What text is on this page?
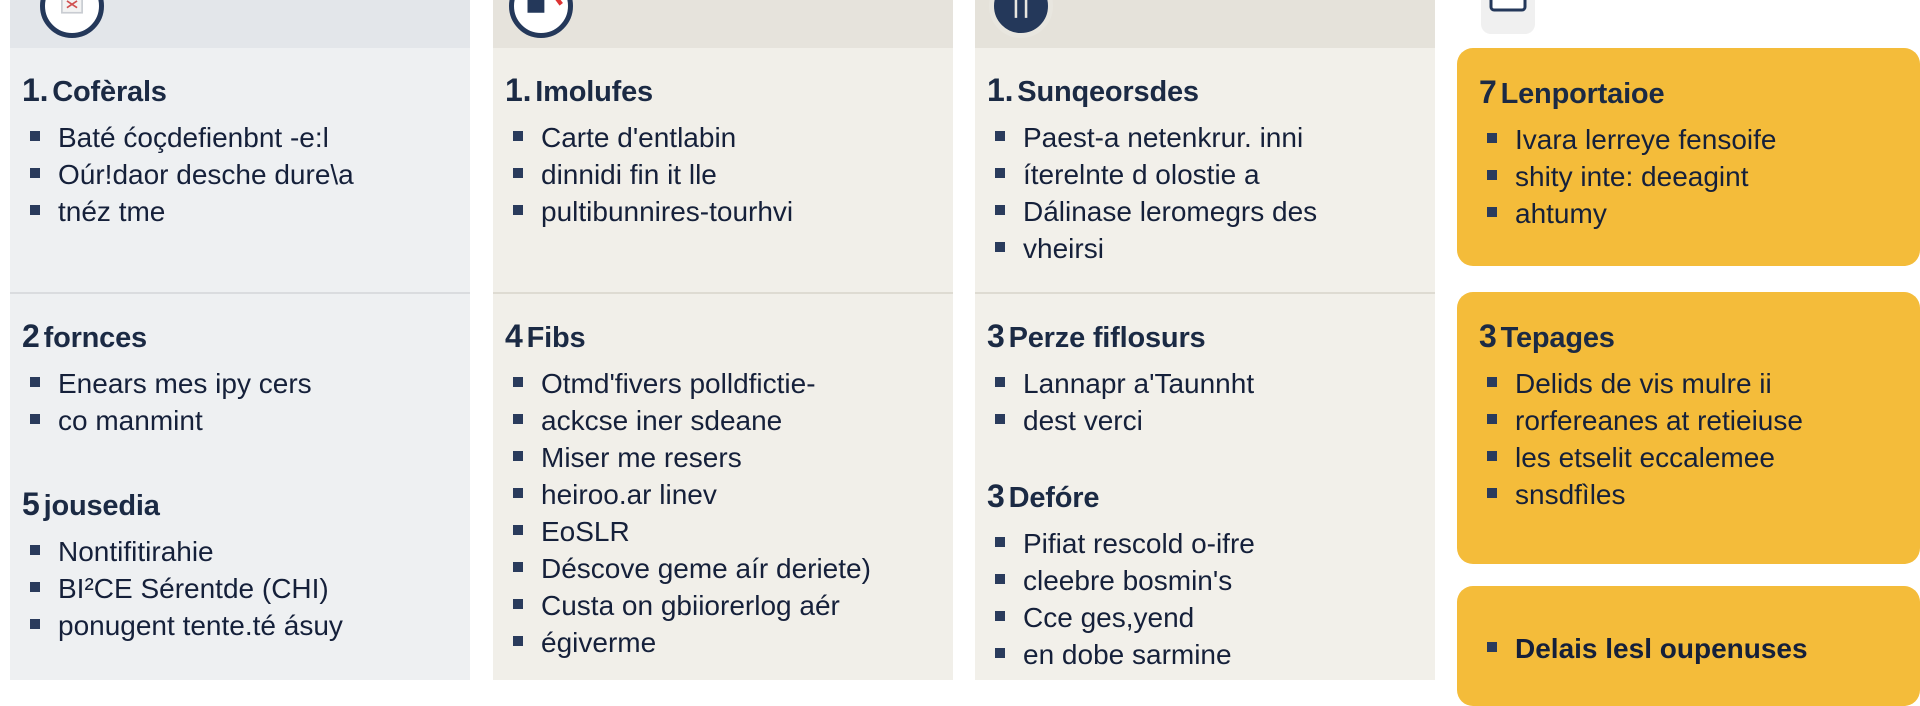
1. Cofèrals
Baté ćoçdefienbnt -e:l
Oúr!daor desche dure\a
tnéz tme
2 fornces
Enears mes ipy cers
co manmint
5 jousedia
Nontifitirahie
BI²CE Sérentde (CHI)
ponugent tente.té ásuy
1. Imolufes
Carte d'entlabin
dinnidi fin it lle
pultibunnires-tourhvi
4 Fibs
Otmd'fivers polldfictie-
ackcse iner sdeane
Miser me resers
heiroo.ar linev
EoSLR
Déscove geme aír deriete)
Custa on gbiiorerlog aér
égiverme
1. Sunqeorsdes
Paest-a netenkrur. inni
íterelnte d olostie a
Dálinase leromegrs des
vheirsi
3 Perze fiflosurs
Lannapr a'Taunnht
dest verci
3 Defóre
Pifiat rescold o-ifre
cleebre bosmin's
Cce ges,yend
en dobe sarmine
7 Lenportaioe
Ivara lerreye fensoife
shity inte: deeagint
ahtumy
3 Tepages
Delids de vis mulre ii
rorfereanes at retieiuse
les etselit eccalemee
snsdfìles
Delais lesl oupenuses
